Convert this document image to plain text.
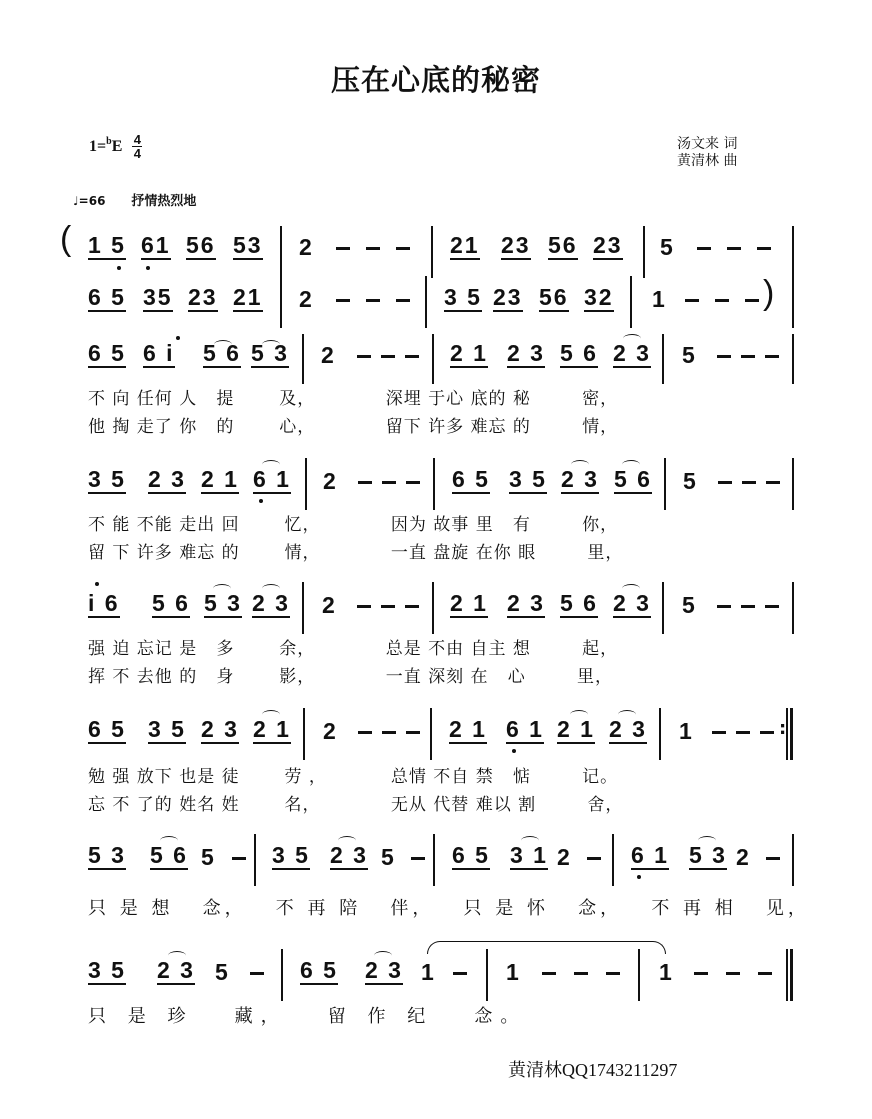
压在心底的秘密
1= b E 4
4
汤文来 词
黄清林 曲
♩=66 抒情热烈地
( 1 5 61 56 53 2	21 23 56 23 5
6 5 35 23 21 2	3 5 23 56 32 1	)
6 5 6 i 5 6 5 3 2	2 1 2 3 5 6 2 3 5
不 向 任何 人   提       及，           深埋 于心 底的 秘        密，
他 掏 走了 你   的       心，           留下 许多 难忘 的        情，
3 5 2 3 2 1 6 1 2	6 5 3 5 2 3 5 6 5
不 能 不能 走出 回       忆，           因为 故事 里   有        你，
留 下 许多 难忘 的       情，           一直 盘旋 在你 眼        里，
i 6 5 6 5 3 2 3 2	2 1 2 3 5 6 2 3 5
强 迫 忘记 是   多       余，           总是 不由 自主 想        起，
挥 不 去他 的   身       影，           一直 深刻 在   心        里，
6 5 3 5 2 3 2 1 2	2 1 6 1 2 1 2 3 1	:
勉 强 放下 也是 徒       劳 ，          总情 不自 禁   惦        记。
忘 不 了的 姓名 姓       名，           无从 代替 难以 割        舍，
5 3 5 6 5 3 5 2 3 5 6 5 3 1 2	6 1 5 3 2
只 是 想   念，   不 再 陪   伴，   只 是 怀   念，   不 再 相   见，
3 5 2 3 5	6 5 2 3 1	1	1
只 是 珍   藏，   留 作 纪   念。
黄清林QQ1743211297
